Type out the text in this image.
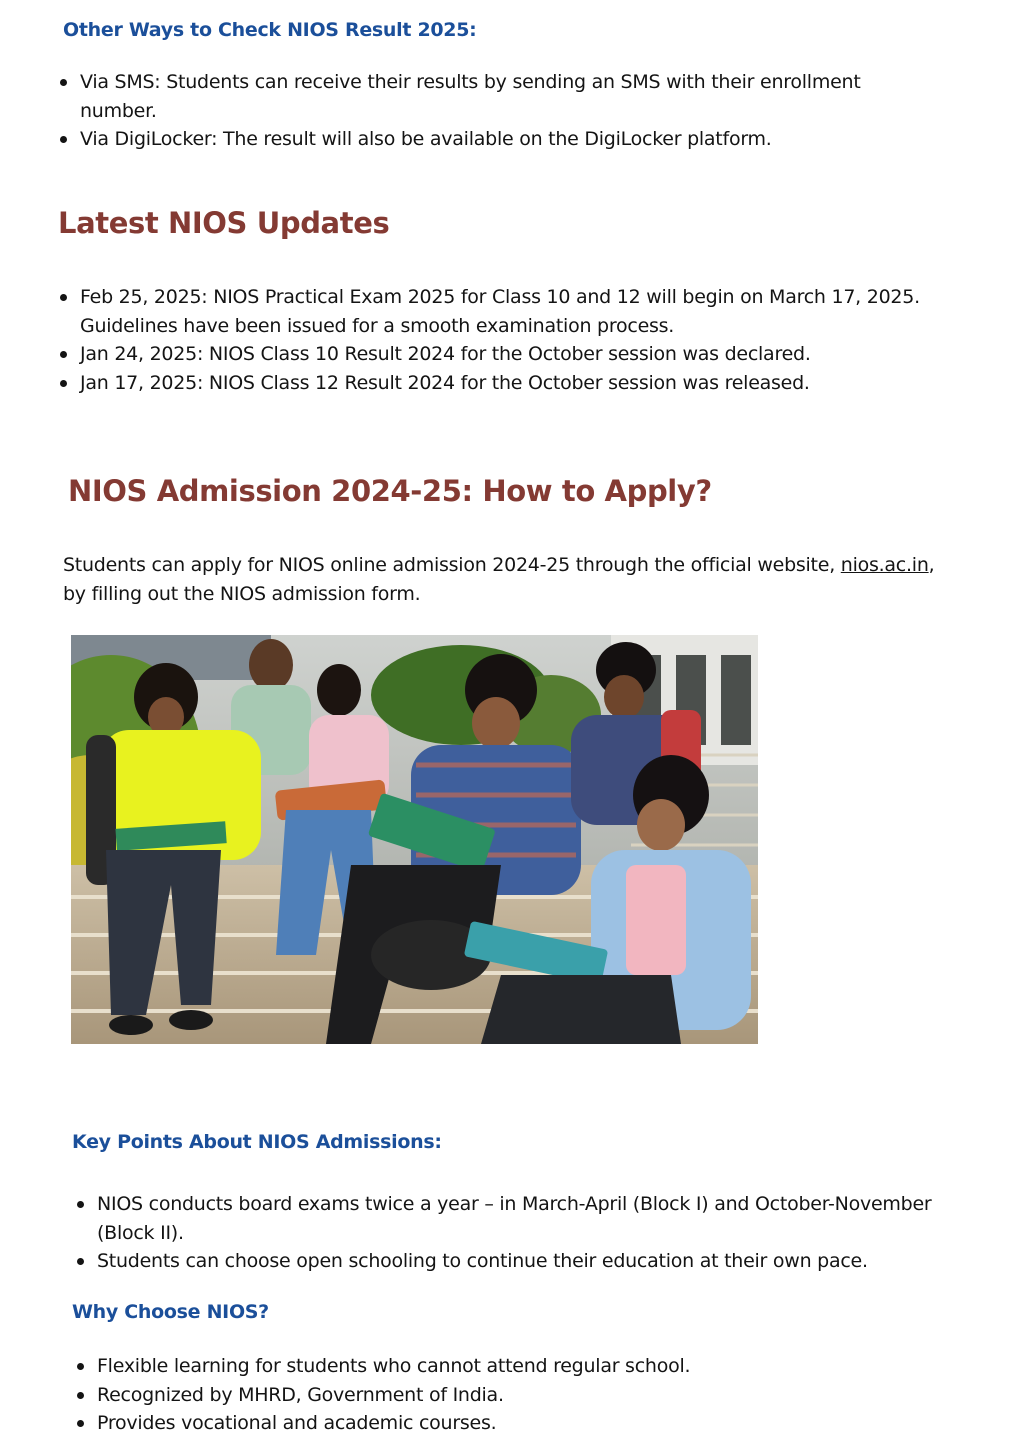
Other Ways to Check NIOS Result 2025:
Via SMS: Students can receive their results by sending an SMS with their enrollment
number.
Via DigiLocker: The result will also be available on the DigiLocker platform.
Latest NIOS Updates
Feb 25, 2025: NIOS Practical Exam 2025 for Class 10 and 12 will begin on March 17, 2025.
Guidelines have been issued for a smooth examination process.
Jan 24, 2025: NIOS Class 10 Result 2024 for the October session was declared.
Jan 17, 2025: NIOS Class 12 Result 2024 for the October session was released.
NIOS Admission 2024-25: How to Apply?
Students can apply for NIOS online admission 2024-25 through the official website, nios.ac.in,
by filling out the NIOS admission form.
Key Points About NIOS Admissions:
NIOS conducts board exams twice a year – in March-April (Block I) and October-November
(Block II).
Students can choose open schooling to continue their education at their own pace.
Why Choose NIOS?
Flexible learning for students who cannot attend regular school.
Recognized by MHRD, Government of India.
Provides vocational and academic courses.
